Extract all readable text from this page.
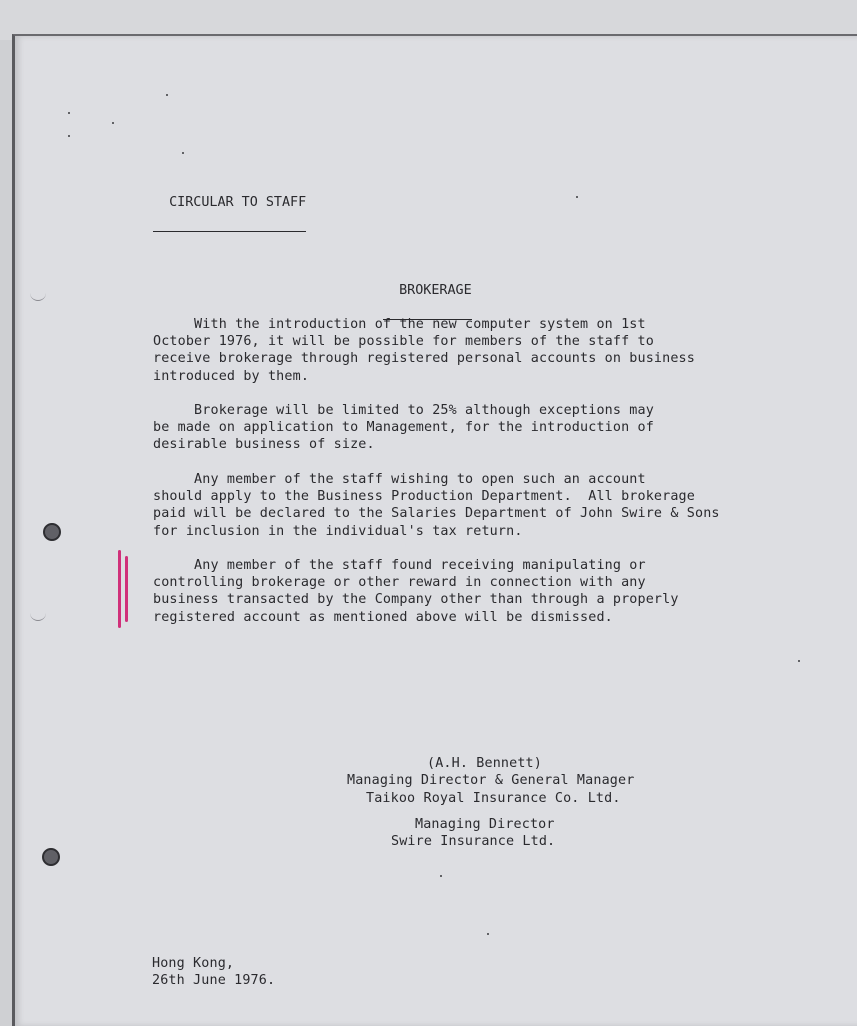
CIRCULAR TO STAFF

BROKERAGE

With the introduction of the new computer system on 1st
October 1976, it will be possible for members of the staff to
receive brokerage through registered personal accounts on business
introduced by them.
Brokerage will be limited to 25% although exceptions may
be made on application to Management, for the introduction of
desirable business of size.
Any member of the staff wishing to open such an account
should apply to the Business Production Department.  All brokerage
paid will be declared to the Salaries Department of John Swire & Sons
for inclusion in the individual's tax return.
Any member of the staff found receiving manipulating or
controlling brokerage or other reward in connection with any
business transacted by the Company other than through a properly
registered account as mentioned above will be dismissed.
(A.H. Bennett)
Managing Director & General Manager
Taikoo Royal Insurance Co. Ltd.
Managing Director
Swire Insurance Ltd.
Hong Kong,
26th June 1976.
